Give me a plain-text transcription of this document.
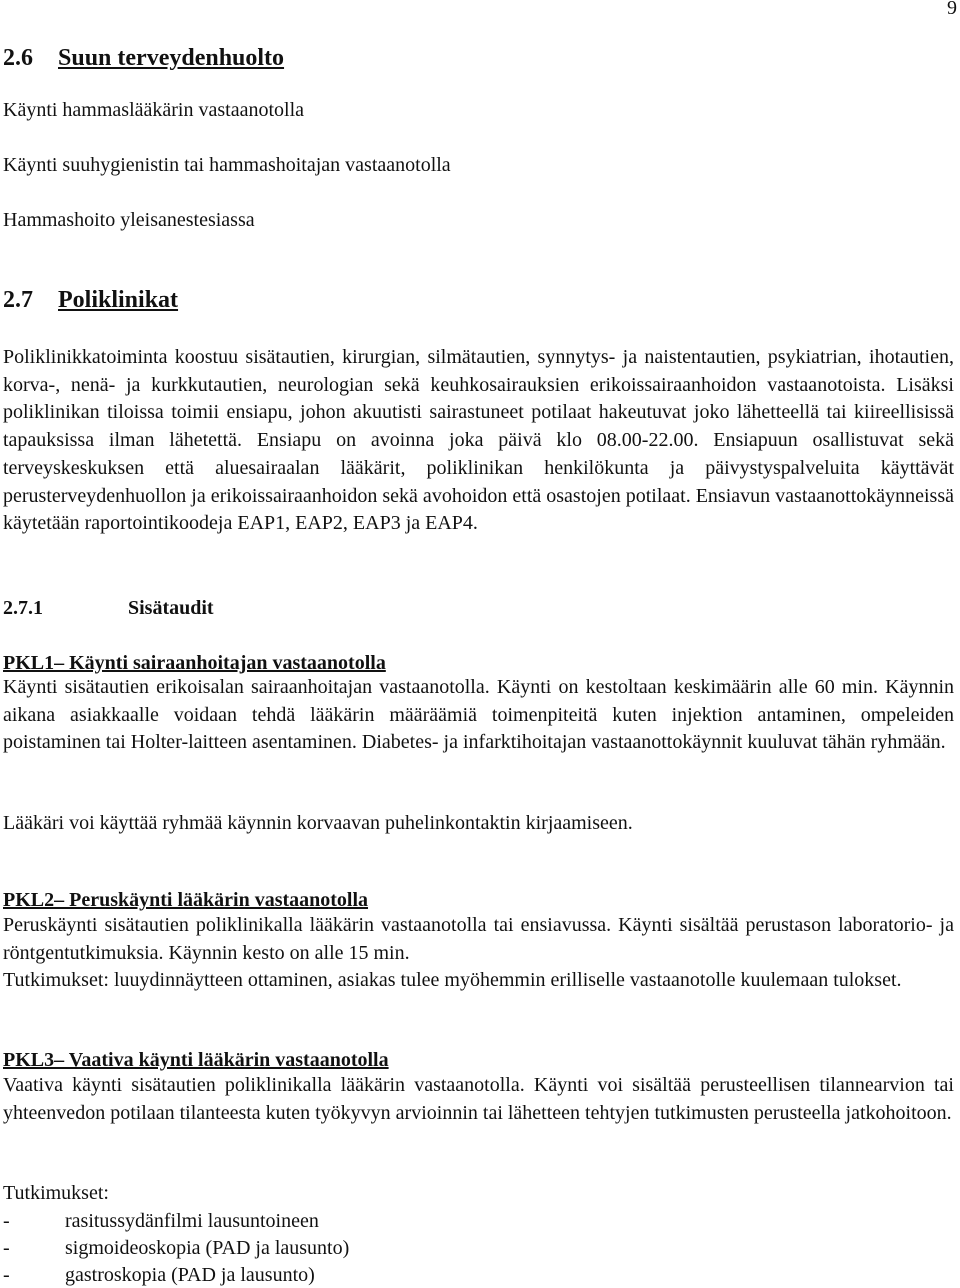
9
2.6 Suun terveydenhuolto
Käynti hammaslääkärin vastaanotolla
Käynti suuhygienistin tai hammashoitajan vastaanotolla
Hammashoito yleisanestesiassa
2.7 Poliklinikat
Poliklinikkatoiminta koostuu sisätautien, kirurgian, silmätautien, synnytys- ja naistentautien, psykiatrian, ihotautien, korva-, nenä- ja kurkkutautien, neurologian sekä keuhkosairauksien erikoissairaanhoidon vastaanotoista. Lisäksi poliklinikan tiloissa toimii ensiapu, johon akuutisti sairastuneet potilaat hakeutuvat joko lähetteellä tai kiireellisissä tapauksissa ilman lähetettä. Ensiapu on avoinna joka päivä klo 08.00-22.00. Ensiapuun osallistuvat sekä terveyskeskuksen että aluesairaalan lääkärit, poliklinikan henkilökunta ja päivystyspalveluita käyttävät perusterveydenhuollon ja erikoissairaanhoidon sekä avohoidon että osastojen potilaat. Ensiavun vastaanottokäynneissä käytetään raportointikoodeja EAP1, EAP2, EAP3 ja EAP4.
2.7.1	Sisätaudit
PKL1– Käynti sairaanhoitajan vastaanotolla
Käynti sisätautien erikoisalan sairaanhoitajan vastaanotolla. Käynti on kestoltaan keskimäärin alle 60 min. Käynnin aikana asiakkaalle voidaan tehdä lääkärin määräämiä toimenpiteitä kuten injektion antaminen, ompeleiden poistaminen tai Holter-laitteen asentaminen. Diabetes- ja infarktihoitajan vastaanottokäynnit kuuluvat tähän ryhmään.
Lääkäri voi käyttää ryhmää käynnin korvaavan puhelinkontaktin kirjaamiseen.
PKL2– Peruskäynti lääkärin vastaanotolla
Peruskäynti sisätautien poliklinikalla lääkärin vastaanotolla tai ensiavussa. Käynti sisältää perustason laboratorio- ja röntgentutkimuksia. Käynnin kesto on alle 15 min.
Tutkimukset: luuydinnäytteen ottaminen, asiakas tulee myöhemmin erilliselle vastaanotolle kuulemaan tulokset.
PKL3– Vaativa käynti lääkärin vastaanotolla
Vaativa käynti sisätautien poliklinikalla lääkärin vastaanotolla. Käynti voi sisältää perusteellisen tilannearvion tai yhteenvedon potilaan tilanteesta kuten työkyvyn arvioinnin tai lähetteen tehtyjen tutkimusten perusteella jatkohoitoon.
Tutkimukset:
-	rasitussydänfilmi lausuntoineen
-	sigmoideoskopia (PAD ja lausunto)
-	gastroskopia (PAD ja lausunto)
